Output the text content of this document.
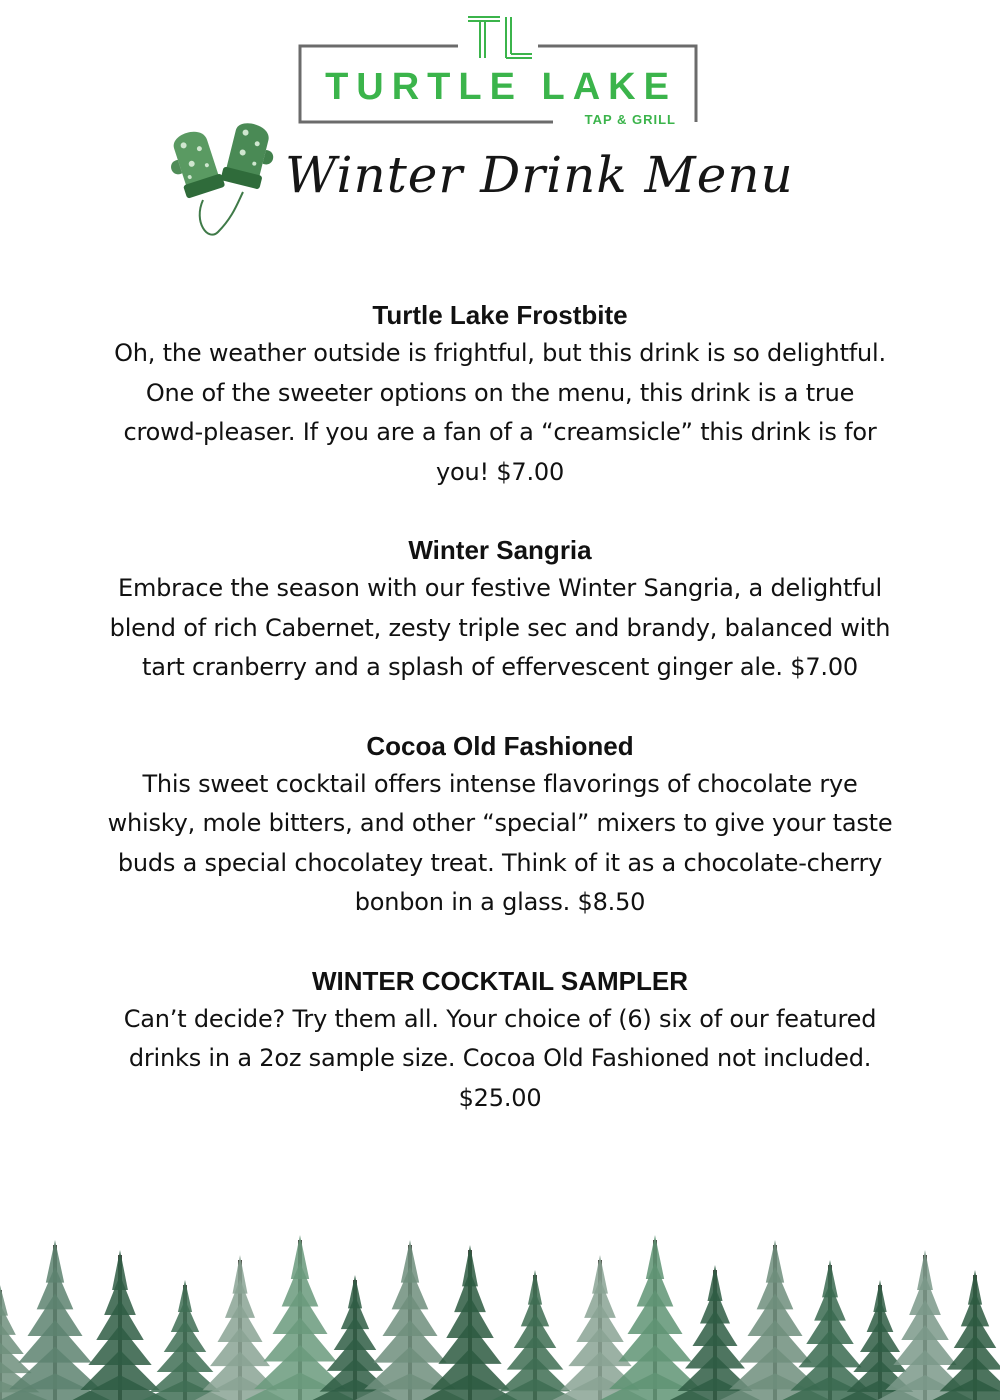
TURTLE LAKE
TAP & GRILL
Winter Drink Menu
Turtle Lake Frostbite
Oh, the weather outside is frightful, but this drink is so delightful.
One of the sweeter options on the menu, this drink is a true
crowd-pleaser. If you are a fan of a “creamsicle” this drink is for
you! $7.00
Winter Sangria
Embrace the season with our festive Winter Sangria, a delightful
blend of rich Cabernet, zesty triple sec and brandy, balanced with
tart cranberry and a splash of effervescent ginger ale. $7.00
Cocoa Old Fashioned
This sweet cocktail offers intense flavorings of chocolate rye
whisky, mole bitters, and other “special” mixers to give your taste
buds a special chocolatey treat. Think of it as a chocolate-cherry
bonbon in a glass. $8.50
WINTER COCKTAIL SAMPLER
Can’t decide? Try them all. Your choice of (6) six of our featured
drinks in a 2oz sample size. Cocoa Old Fashioned not included.
$25.00
